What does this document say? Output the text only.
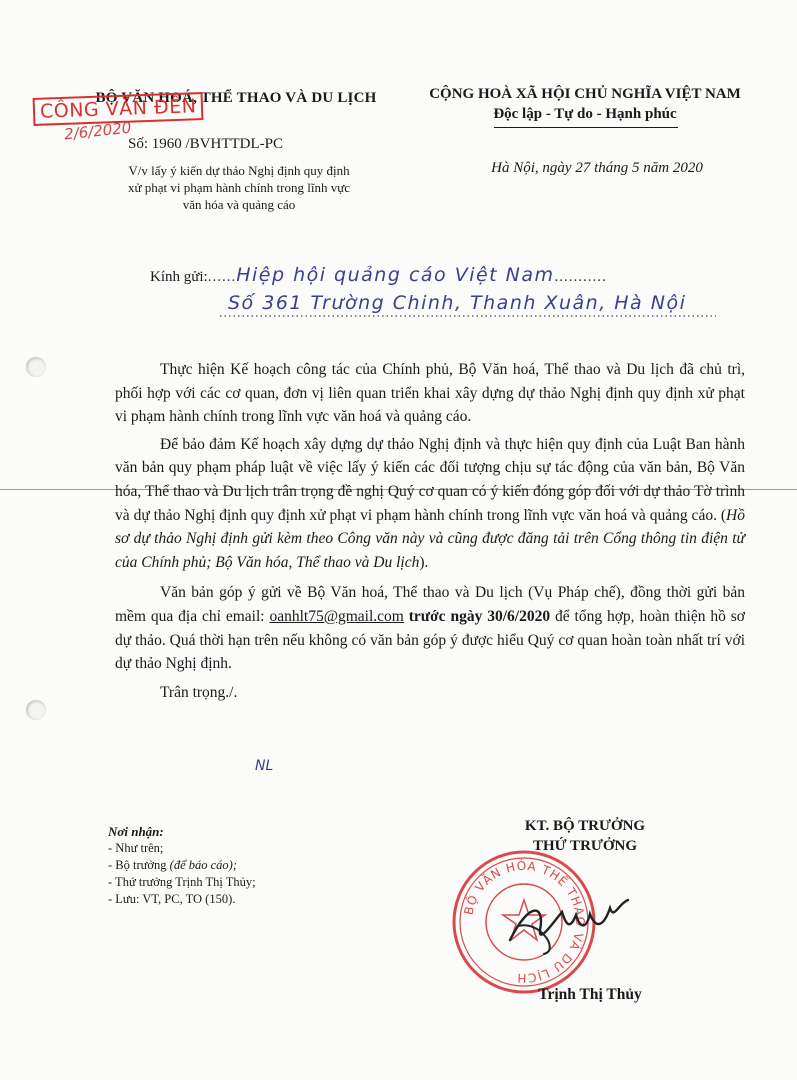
BỘ VĂN HOÁ, THỂ THAO VÀ DU LỊCH	CỘNG HOÀ XÃ HỘI CHỦ NGHĨA VIỆT NAM
Độc lập - Tự do - Hạnh phúc
CÔNG VĂN ĐẾN
2/6/2020
Số: 1960 /BVHTTDL-PC
V/v lấy ý kiến dự thảo Nghị định quy định
xử phạt vi phạm hành chính trong lĩnh vực
văn hóa và quảng cáo
Hà Nội, ngày 27 tháng 5 năm 2020
Kính gửi:......Hiệp hội quảng cáo Việt Nam...........
Số 361 Trường Chinh, Thanh Xuân, Hà Nội

Thực hiện Kế hoạch công tác của Chính phủ, Bộ Văn hoá, Thể thao và Du lịch đã chủ trì, phối hợp với các cơ quan, đơn vị liên quan triển khai xây dựng dự thảo Nghị định quy định xử phạt vi phạm hành chính trong lĩnh vực văn hoá và quảng cáo.

Để bảo đảm Kế hoạch xây dựng dự thảo Nghị định và thực hiện quy định của Luật Ban hành văn bản quy phạm pháp luật về việc lấy ý kiến các đối tượng chịu sự tác động của văn bản, Bộ Văn hóa, Thể thao và Du lịch trân trọng đề nghị Quý cơ quan có ý kiến đóng góp đối với dự thảo Tờ trình và dự thảo Nghị định quy định xử phạt vi phạm hành chính trong lĩnh vực văn hoá và quảng cáo. (Hồ sơ dự thảo Nghị định gửi kèm theo Công văn này và cũng được đăng tải trên Cổng thông tin điện tử của Chính phủ; Bộ Văn hóa, Thể thao và Du lịch).

Văn bản góp ý gửi về Bộ Văn hoá, Thể thao và Du lịch (Vụ Pháp chế), đồng thời gửi bản mềm qua địa chỉ email: oanhlt75@gmail.com trước ngày 30/6/2020 để tổng hợp, hoàn thiện hồ sơ dự thảo. Quá thời hạn trên nếu không có văn bản góp ý được hiểu Quý cơ quan hoàn toàn nhất trí với dự thảo Nghị định.

Trân trọng./.

NL
Nơi nhận:
- Như trên;
- Bộ trưởng (để báo cáo);
- Thứ trưởng Trịnh Thị Thủy;
- Lưu: VT, PC, TO (150).
BỘ VĂN HÓA THỂ THAO VÀ DU LỊCH
KT. BỘ TRƯỞNG
THỨ TRƯỞNG
Trịnh Thị Thủy
